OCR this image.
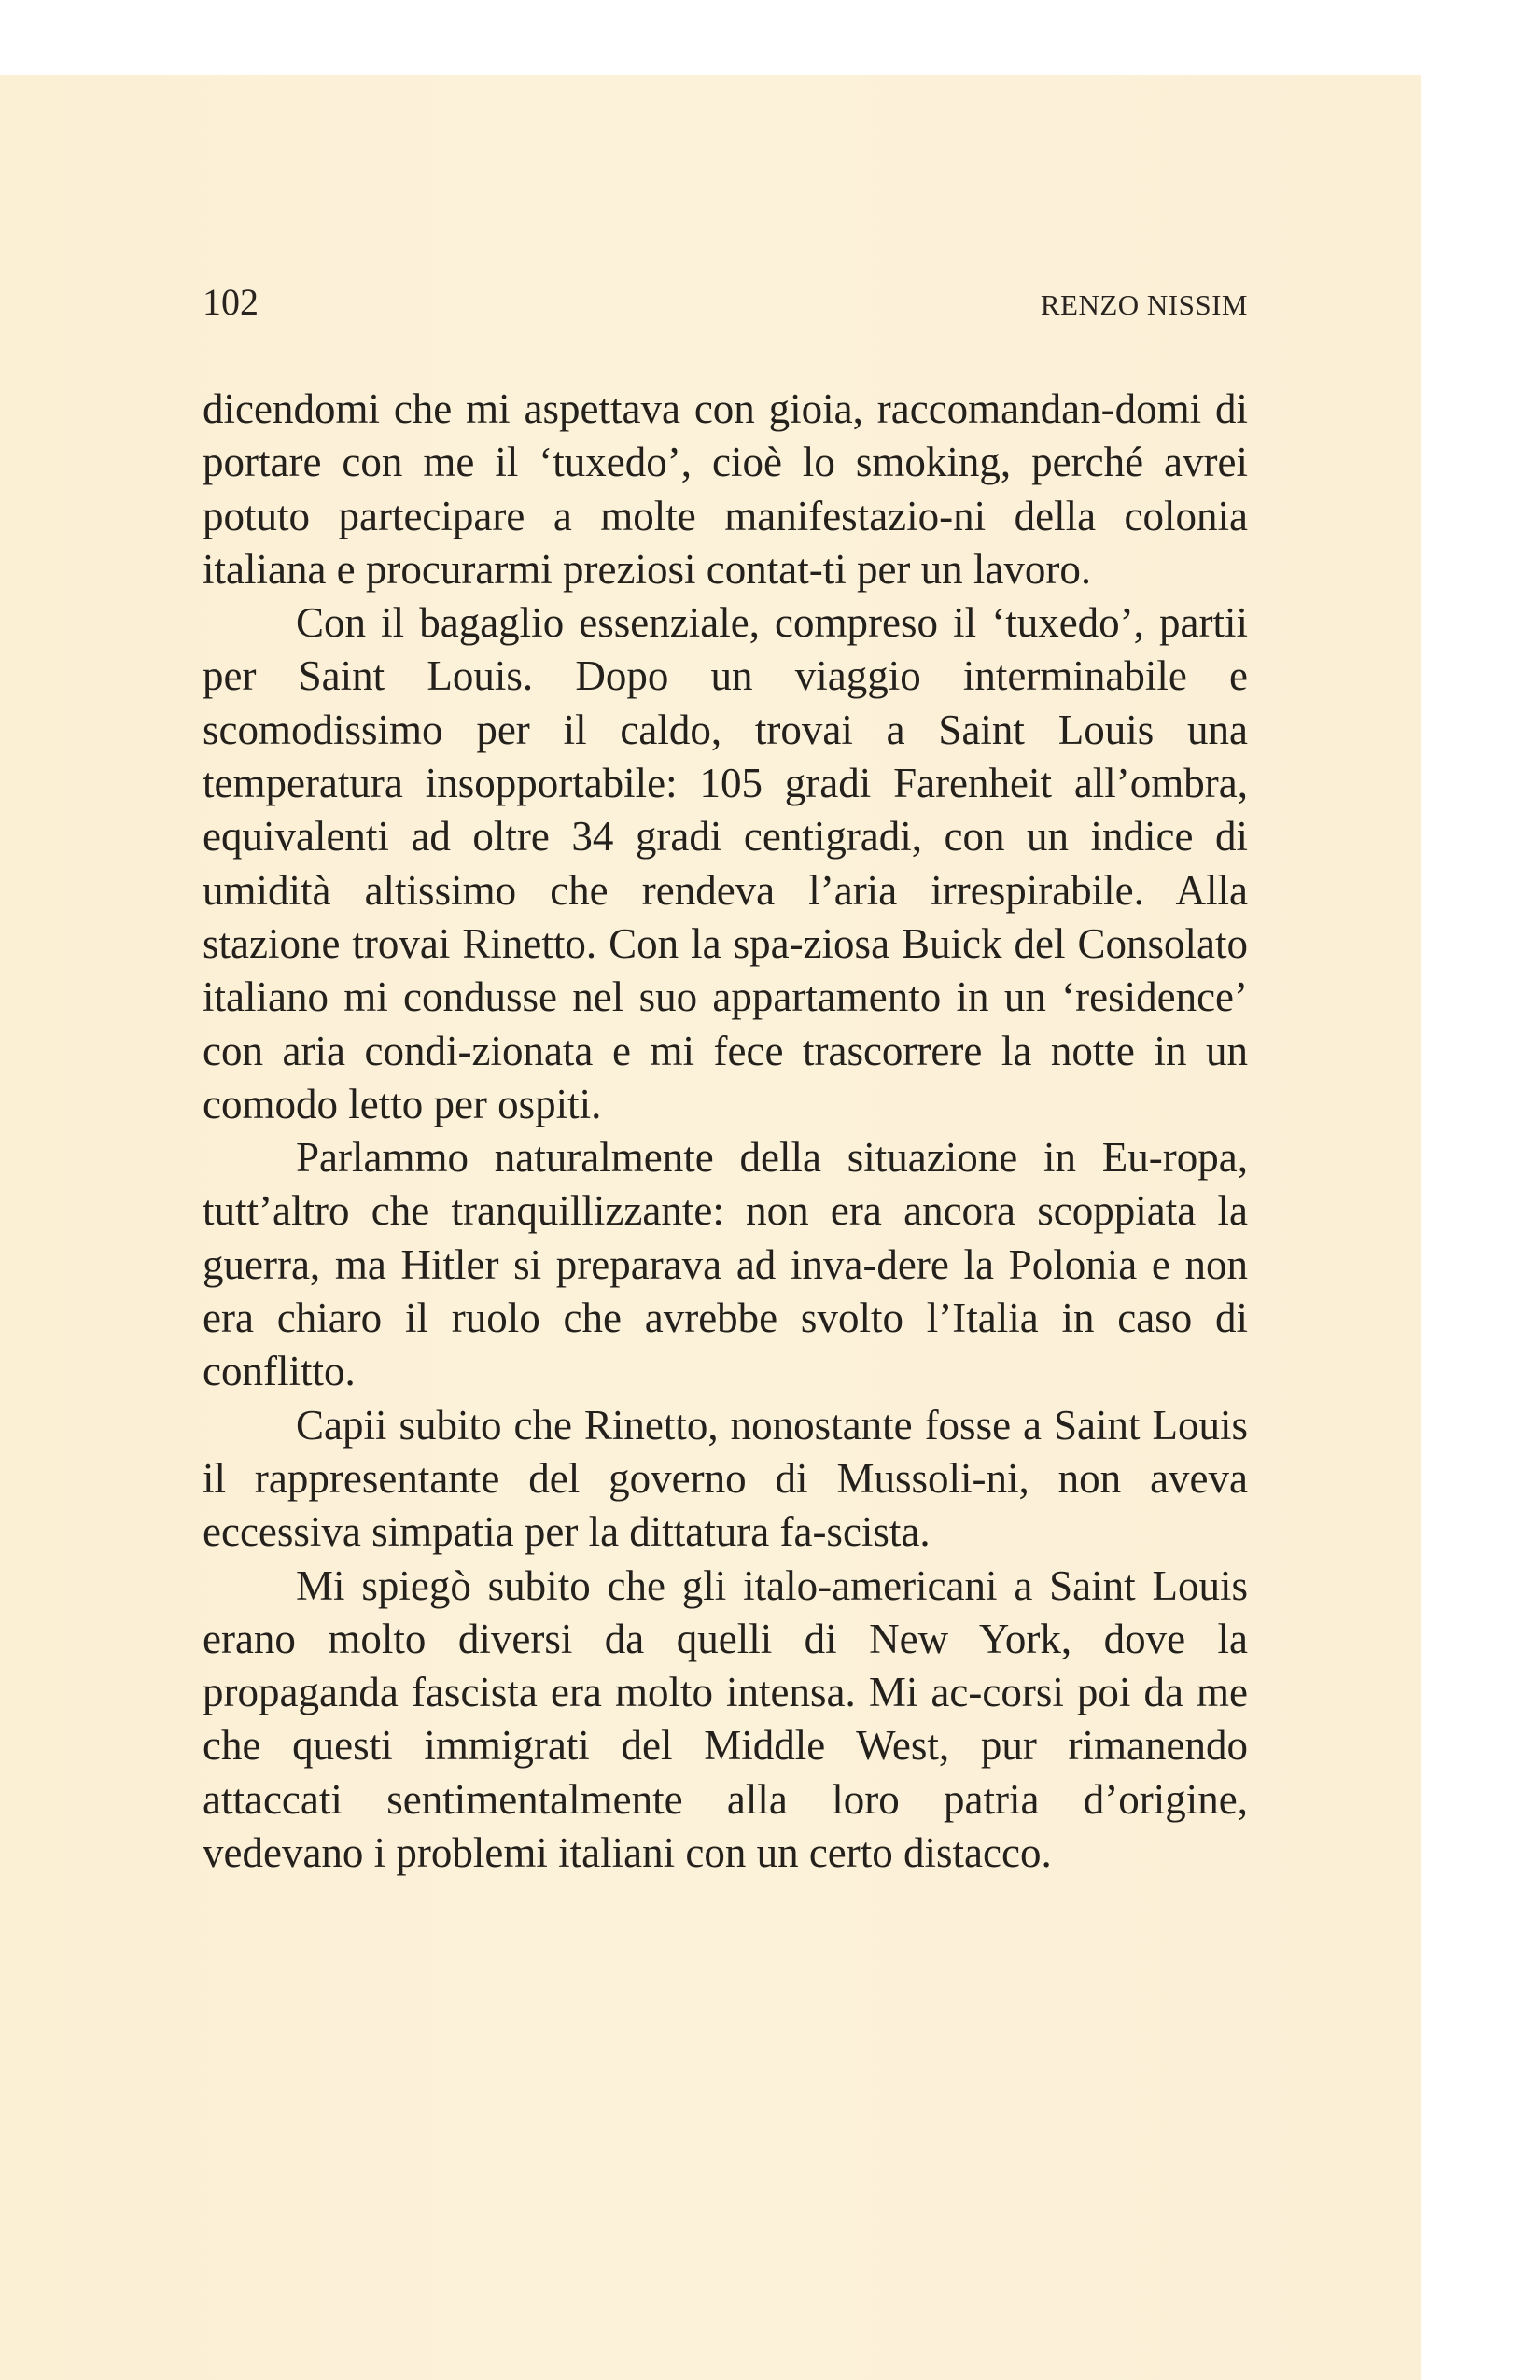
102	RENZO NISSIM

dicendomi che mi aspettava con gioia, raccomandan-domi di portare con me il ‘tuxedo’, cioè lo smoking, perché avrei potuto partecipare a molte manifestazio-ni della colonia italiana e procurarmi preziosi contat-ti per un lavoro.

Con il bagaglio essenziale, compreso il ‘tuxedo’, partii per Saint Louis. Dopo un viaggio interminabile e scomodissimo per il caldo, trovai a Saint Louis una temperatura insopportabile: 105 gradi Farenheit all’ombra, equivalenti ad oltre 34 gradi centigradi, con un indice di umidità altissimo che rendeva l’aria irrespirabile. Alla stazione trovai Rinetto. Con la spa-ziosa Buick del Consolato italiano mi condusse nel suo appartamento in un ‘residence’ con aria condi-zionata e mi fece trascorrere la notte in un comodo letto per ospiti.

Parlammo naturalmente della situazione in Eu-ropa, tutt’altro che tranquillizzante: non era ancora scoppiata la guerra, ma Hitler si preparava ad inva-dere la Polonia e non era chiaro il ruolo che avrebbe svolto l’Italia in caso di conflitto.

Capii subito che Rinetto, nonostante fosse a Saint Louis il rappresentante del governo di Mussoli-ni, non aveva eccessiva simpatia per la dittatura fa-scista.

Mi spiegò subito che gli italo-americani a Saint Louis erano molto diversi da quelli di New York, dove la propaganda fascista era molto intensa. Mi ac-corsi poi da me che questi immigrati del Middle West, pur rimanendo attaccati sentimentalmente alla loro patria d’origine, vedevano i problemi italiani con un certo distacco.
